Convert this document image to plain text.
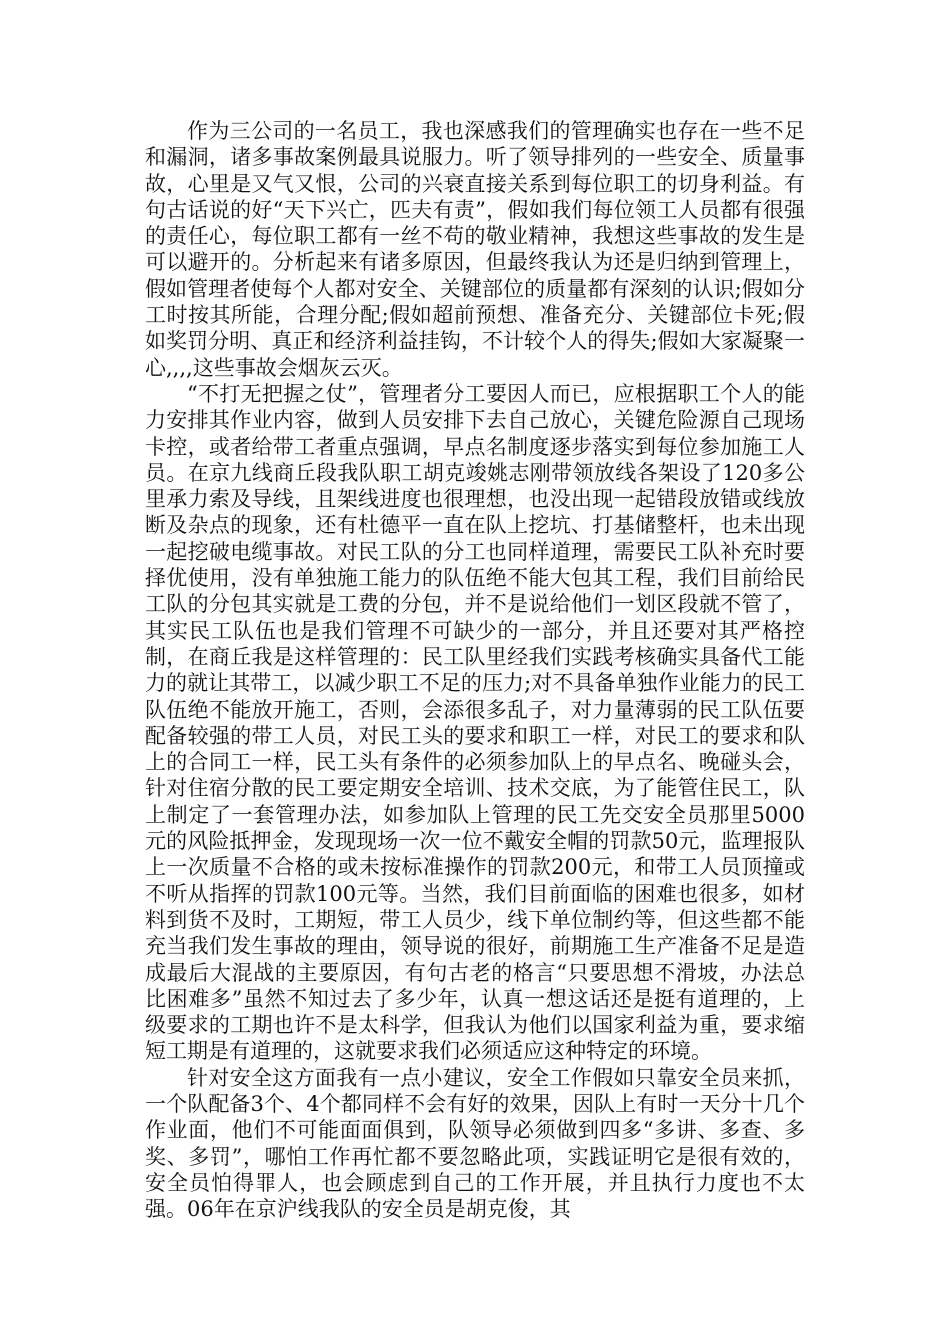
作为三公司的一名员工，我也深感我们的管理确实也存在一些不足和漏洞，诸多事故案例最具说服力。听了领导排列的一些安全、质量事故，心里是又气又恨，公司的兴衰直接关系到每位职工的切身利益。有句古话说的好“天下兴亡，匹夫有责”，假如我们每位领工人员都有很强的责任心，每位职工都有一丝不苟的敬业精神，我想这些事故的发生是可以避开的。分析起来有诸多原因，但最终我认为还是归纳到管理上，假如管理者使每个人都对安全、关键部位的质量都有深刻的认识;假如分工时按其所能，合理分配;假如超前预想、准备充分、关键部位卡死;假如奖罚分明、真正和经济利益挂钩，不计较个人的得失;假如大家凝聚一心,,,,这些事故会烟灰云灭。

“不打无把握之仗”，管理者分工要因人而已，应根据职工个人的能力安排其作业内容，做到人员安排下去自己放心，关键危险源自己现场卡控，或者给带工者重点强调，早点名制度逐步落实到每位参加施工人员。在京九线商丘段我队职工胡克竣姚志刚带领放线各架设了120多公里承力索及导线，且架线进度也很理想，也没出现一起错段放错或线放断及杂点的现象，还有杜德平一直在队上挖坑、打基储整杆，也未出现一起挖破电缆事故。对民工队的分工也同样道理，需要民工队补充时要择优使用，没有单独施工能力的队伍绝不能大包其工程，我们目前给民工队的分包其实就是工费的分包，并不是说给他们一划区段就不管了，其实民工队伍也是我们管理不可缺少的一部分，并且还要对其严格控制，在商丘我是这样管理的：民工队里经我们实践考核确实具备代工能力的就让其带工，以减少职工不足的压力;对不具备单独作业能力的民工队伍绝不能放开施工，否则，会添很多乱子，对力量薄弱的民工队伍要配备较强的带工人员，对民工头的要求和职工一样，对民工的要求和队上的合同工一样，民工头有条件的必须参加队上的早点名、晚碰头会，针对住宿分散的民工要定期安全培训、技术交底，为了能管住民工，队上制定了一套管理办法，如参加队上管理的民工先交安全员那里5000元的风险抵押金，发现现场一次一位不戴安全帽的罚款50元，监理报队上一次质量不合格的或未按标准操作的罚款200元，和带工人员顶撞或不听从指挥的罚款100元等。当然，我们目前面临的困难也很多，如材料到货不及时，工期短，带工人员少，线下单位制约等，但这些都不能充当我们发生事故的理由，领导说的很好，前期施工生产准备不足是造成最后大混战的主要原因，有句古老的格言“只要思想不滑坡，办法总比困难多”虽然不知过去了多少年，认真一想这话还是挺有道理的，上级要求的工期也许不是太科学，但我认为他们以国家利益为重，要求缩短工期是有道理的，这就要求我们必须适应这种特定的环境。

针对安全这方面我有一点小建议，安全工作假如只靠安全员来抓，一个队配备3个、4个都同样不会有好的效果，因队上有时一天分十几个作业面，他们不可能面面俱到，队领导必须做到四多“多讲、多查、多奖、多罚”，哪怕工作再忙都不要忽略此项，实践证明它是很有效的，安全员怕得罪人，也会顾虑到自己的工作开展，并且执行力度也不太强。06年在京沪线我队的安全员是胡克俊，其
